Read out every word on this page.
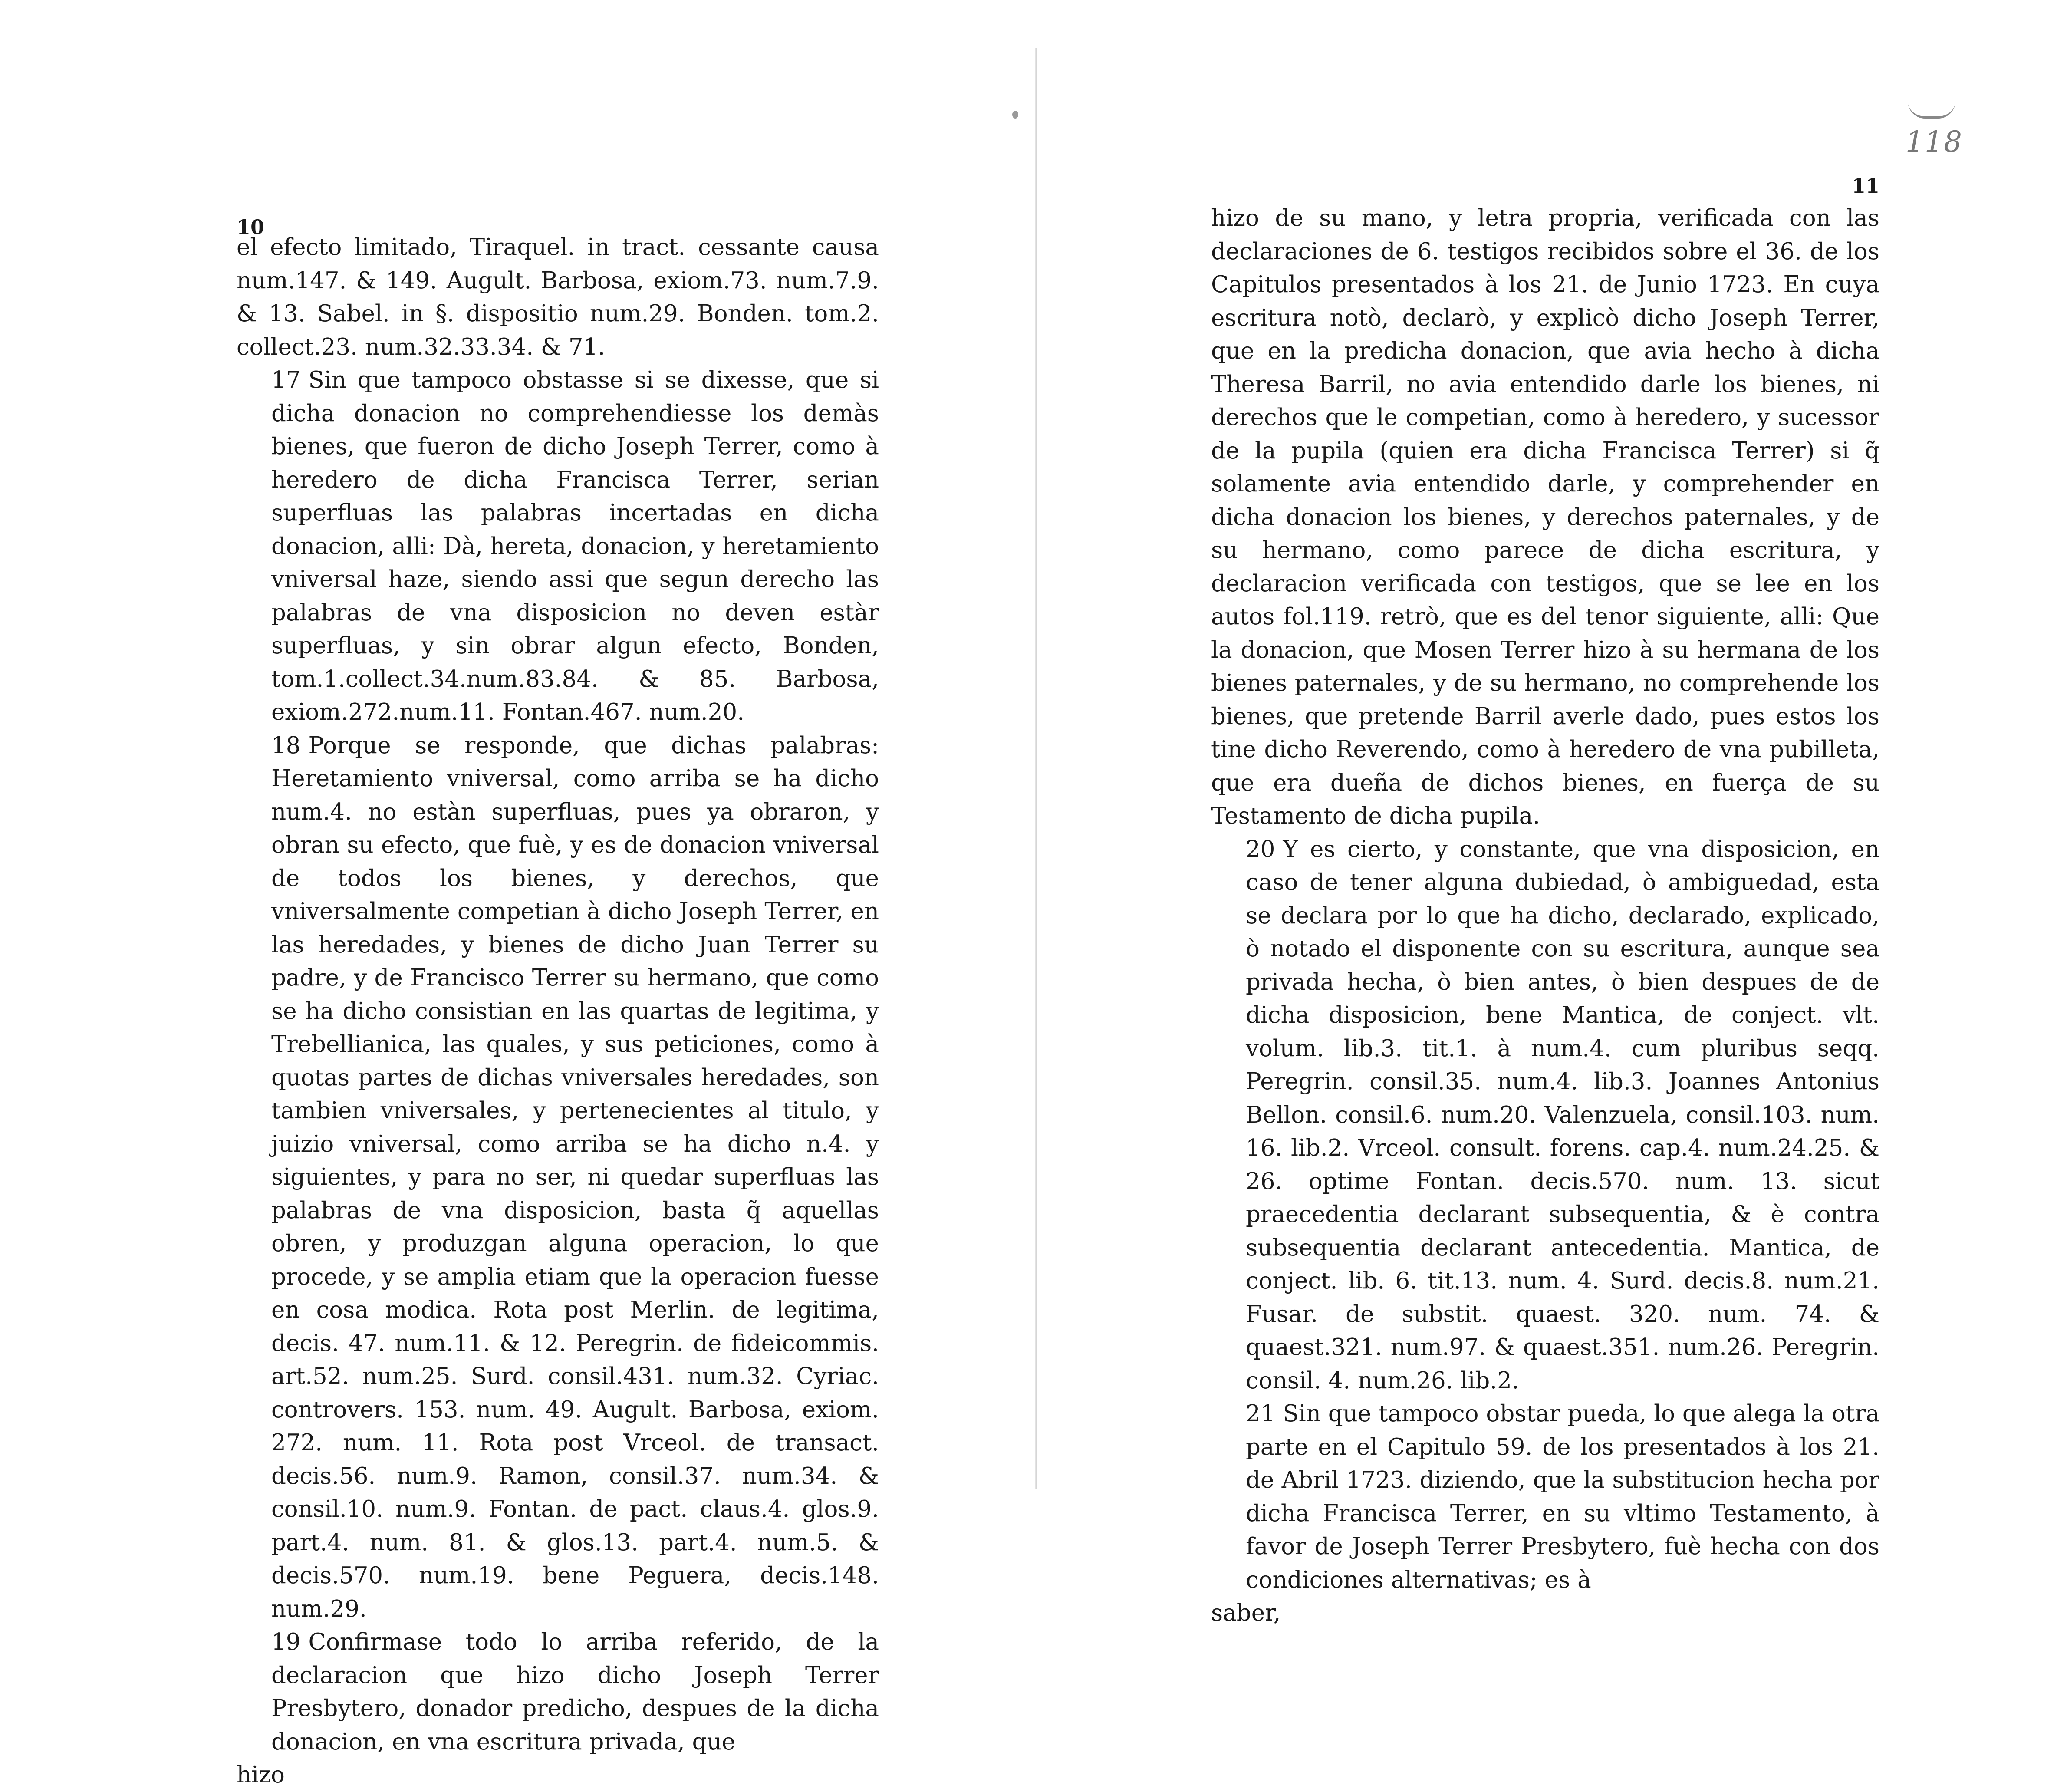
118
10
el efecto limitado, Tiraquel. in tract. cessante causa num.147. & 149. Augult. Barbosa, exiom.73. num.7.9. & 13. Sabel. in §. dispositio num.29. Bonden. tom.2. collect.23. num.32.33.34. & 71.
17 Sin que tampoco obstasse si se dixesse, que si dicha donacion no comprehendiesse los demàs bienes, que fueron de dicho Joseph Terrer, como à heredero de dicha Francisca Terrer, serian superfluas las palabras incertadas en dicha donacion, alli: Dà, hereta, donacion, y heretamiento vniversal haze, siendo assi que segun derecho las palabras de vna disposicion no deven estàr superfluas, y sin obrar algun efecto, Bonden, tom.1.collect.34.num.83.84. & 85. Barbosa, exiom.272.num.11. Fontan.467. num.20.
18 Porque se responde, que dichas palabras: Heretamiento vniversal, como arriba se ha dicho num.4. no estàn superfluas, pues ya obraron, y obran su efecto, que fuè, y es de donacion vniversal de todos los bienes, y derechos, que vniversalmente competian à dicho Joseph Terrer, en las heredades, y bienes de dicho Juan Terrer su padre, y de Francisco Terrer su hermano, que como se ha dicho consistian en las quartas de legitima, y Trebellianica, las quales, y sus peticiones, como à quotas partes de dichas vniversales heredades, son tambien vniversales, y pertenecientes al titulo, y juizio vniversal, como arriba se ha dicho n.4. y siguientes, y para no ser, ni quedar superfluas las palabras de vna disposicion, basta q̃ aquellas obren, y produzgan alguna operacion, lo que procede, y se amplia etiam que la operacion fuesse en cosa modica. Rota post Merlin. de legitima, decis. 47. num.11. & 12. Peregrin. de fideicommis. art.52. num.25. Surd. consil.431. num.32. Cyriac. controvers. 153. num. 49. Augult. Barbosa, exiom. 272. num. 11. Rota post Vrceol. de transact. decis.56. num.9. Ramon, consil.37. num.34. & consil.10. num.9. Fontan. de pact. claus.4. glos.9. part.4. num. 81. & glos.13. part.4. num.5. & decis.570. num.19. bene Peguera, decis.148. num.29.
19 Confirmase todo lo arriba referido, de la declaracion que hizo dicho Joseph Terrer Presbytero, donador predicho, despues de la dicha donacion, en vna escritura privada, que
hizo
11
hizo de su mano, y letra propria, verificada con las declaraciones de 6. testigos recibidos sobre el 36. de los Capitulos presentados à los 21. de Junio 1723. En cuya escritura notò, declarò, y explicò dicho Joseph Terrer, que en la predicha donacion, que avia hecho à dicha Theresa Barril, no avia entendido darle los bienes, ni derechos que le competian, como à heredero, y sucessor de la pupila (quien era dicha Francisca Terrer) si q̃ solamente avia entendido darle, y comprehender en dicha donacion los bienes, y derechos paternales, y de su hermano, como parece de dicha escritura, y declaracion verificada con testigos, que se lee en los autos fol.119. retrò, que es del tenor siguiente, alli: Que la donacion, que Mosen Terrer hizo à su hermana de los bienes paternales, y de su hermano, no comprehende los bienes, que pretende Barril averle dado, pues estos los tine dicho Reverendo, como à heredero de vna pubilleta, que era dueña de dichos bienes, en fuerça de su Testamento de dicha pupila.
20 Y es cierto, y constante, que vna disposicion, en caso de tener alguna dubiedad, ò ambiguedad, esta se declara por lo que ha dicho, declarado, explicado, ò notado el disponente con su escritura, aunque sea privada hecha, ò bien antes, ò bien despues de de dicha disposicion, bene Mantica, de conject. vlt. volum. lib.3. tit.1. à num.4. cum pluribus seqq. Peregrin. consil.35. num.4. lib.3. Joannes Antonius Bellon. consil.6. num.20. Valenzuela, consil.103. num. 16. lib.2. Vrceol. consult. forens. cap.4. num.24.25. & 26. optime Fontan. decis.570. num. 13. sicut praecedentia declarant subsequentia, & è contra subsequentia declarant antecedentia. Mantica, de conject. lib. 6. tit.13. num. 4. Surd. decis.8. num.21. Fusar. de substit. quaest. 320. num. 74. & quaest.321. num.97. & quaest.351. num.26. Peregrin. consil. 4. num.26. lib.2.
21 Sin que tampoco obstar pueda, lo que alega la otra parte en el Capitulo 59. de los presentados à los 21. de Abril 1723. diziendo, que la substitucion hecha por dicha Francisca Terrer, en su vltimo Testamento, à favor de Joseph Terrer Presbytero, fuè hecha con dos condiciones alternativas; es à
saber,
